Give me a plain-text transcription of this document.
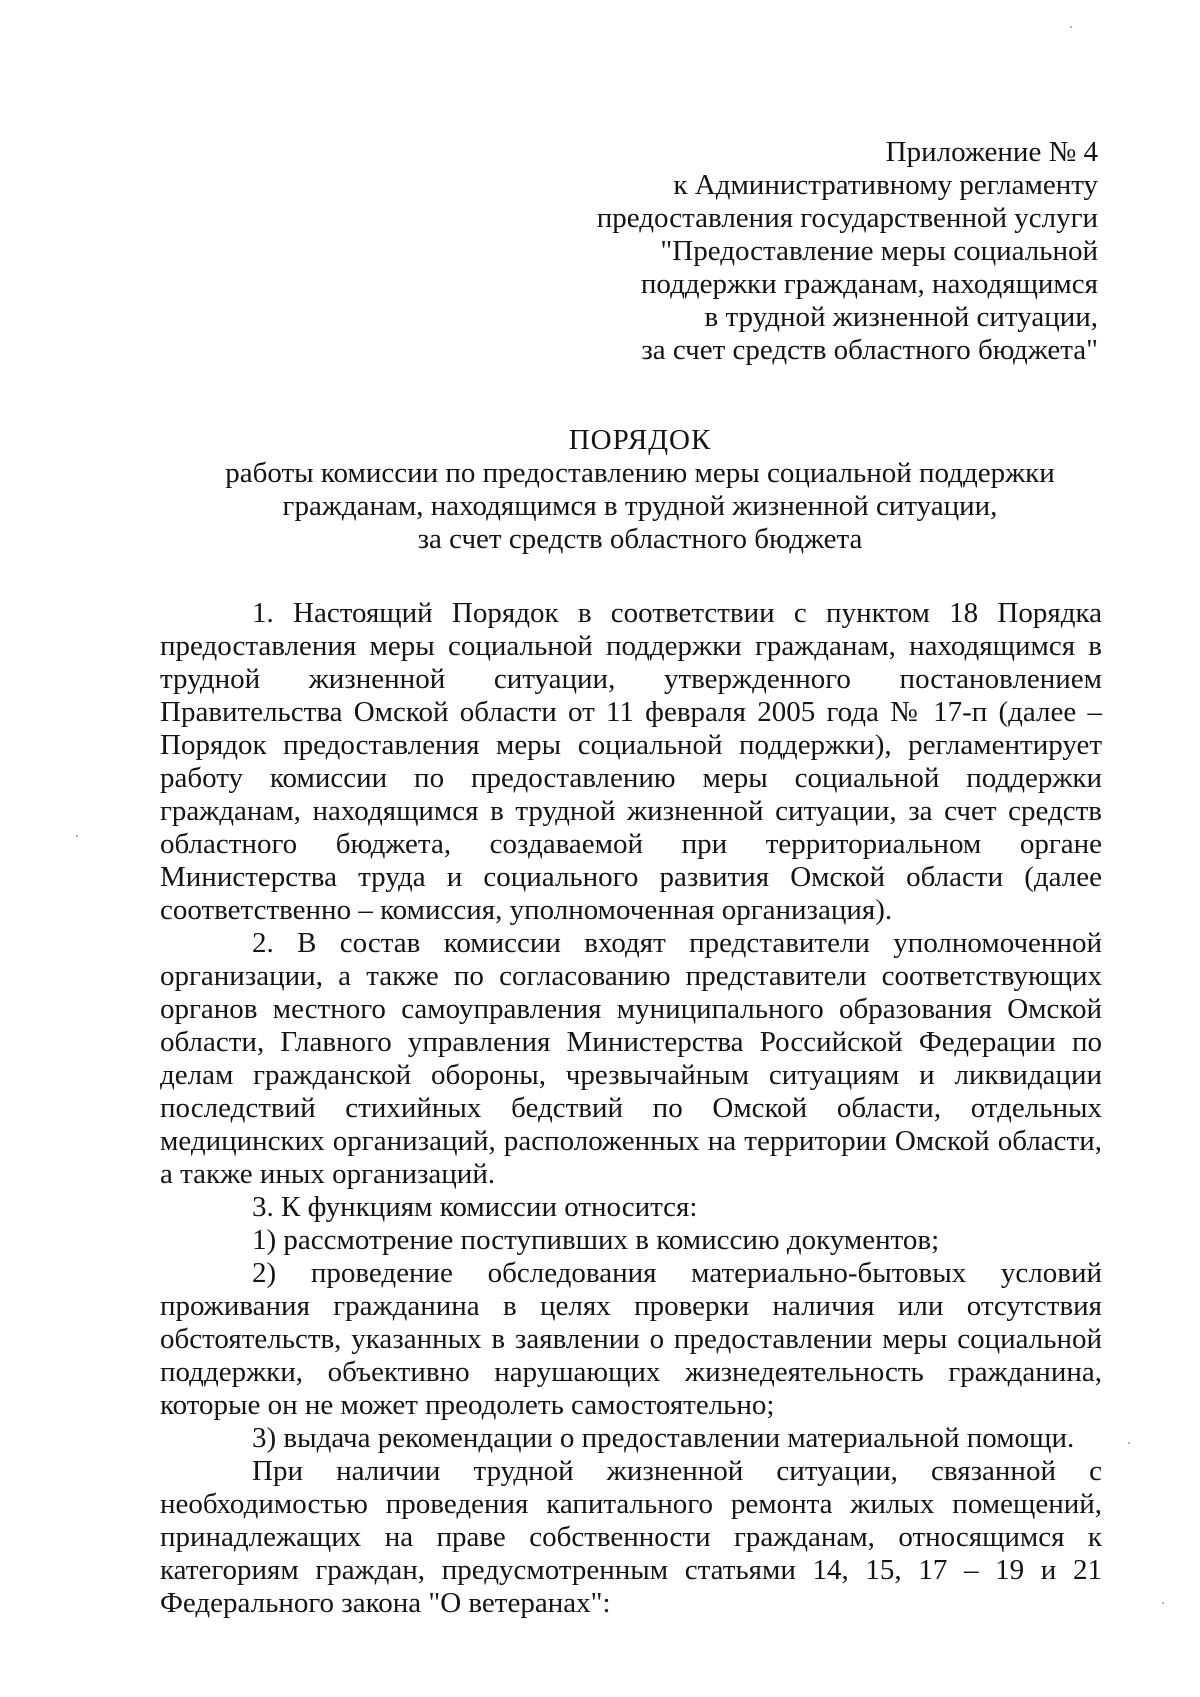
Приложение № 4
к Административному регламенту
предоставления государственной услуги
"Предоставление меры социальной
поддержки гражданам, находящимся
в трудной жизненной ситуации,
за счет средств областного бюджета"
ПОРЯДОК
работы комиссии по предоставлению меры социальной поддержки
гражданам, находящимся в трудной жизненной ситуации,
за счет средств областного бюджета

1. Настоящий Порядок в соответствии с пунктом 18 Порядка предоставления меры социальной поддержки гражданам, находящимся в трудной жизненной ситуации, утвержденного постановлением Правительства Омской области от 11 февраля 2005 года № 17-п (далее – Порядок предоставления меры социальной поддержки), регламентирует работу комиссии по предоставлению меры социальной поддержки гражданам, находящимся в трудной жизненной ситуации, за счет средств областного бюджета, создаваемой при территориальном органе Министерства труда и социального развития Омской области (далее соответственно – комиссия, уполномоченная организация).

2. В состав комиссии входят представители уполномоченной организации, а также по согласованию представители соответствующих органов местного самоуправления муниципального образования Омской области, Главного управления Министерства Российской Федерации по делам гражданской обороны, чрезвычайным ситуациям и ликвидации последствий стихийных бедствий по Омской области, отдельных медицинских организаций, расположенных на территории Омской области, а также иных организаций.

3. К функциям комиссии относится:

1) рассмотрение поступивших в комиссию документов;

2) проведение обследования материально-бытовых условий проживания гражданина в целях проверки наличия или отсутствия обстоятельств, указанных в заявлении о предоставлении меры социальной поддержки, объективно нарушающих жизнедеятельность гражданина, которые он не может преодолеть самостоятельно;

3) выдача рекомендации о предоставлении материальной помощи.

При наличии трудной жизненной ситуации, связанной с необходимостью проведения капитального ремонта жилых помещений, принадлежащих на праве собственности гражданам, относящимся к категориям граждан, предусмотренным статьями 14, 15, 17 – 19 и 21 Федерального закона "О ветеранах":
